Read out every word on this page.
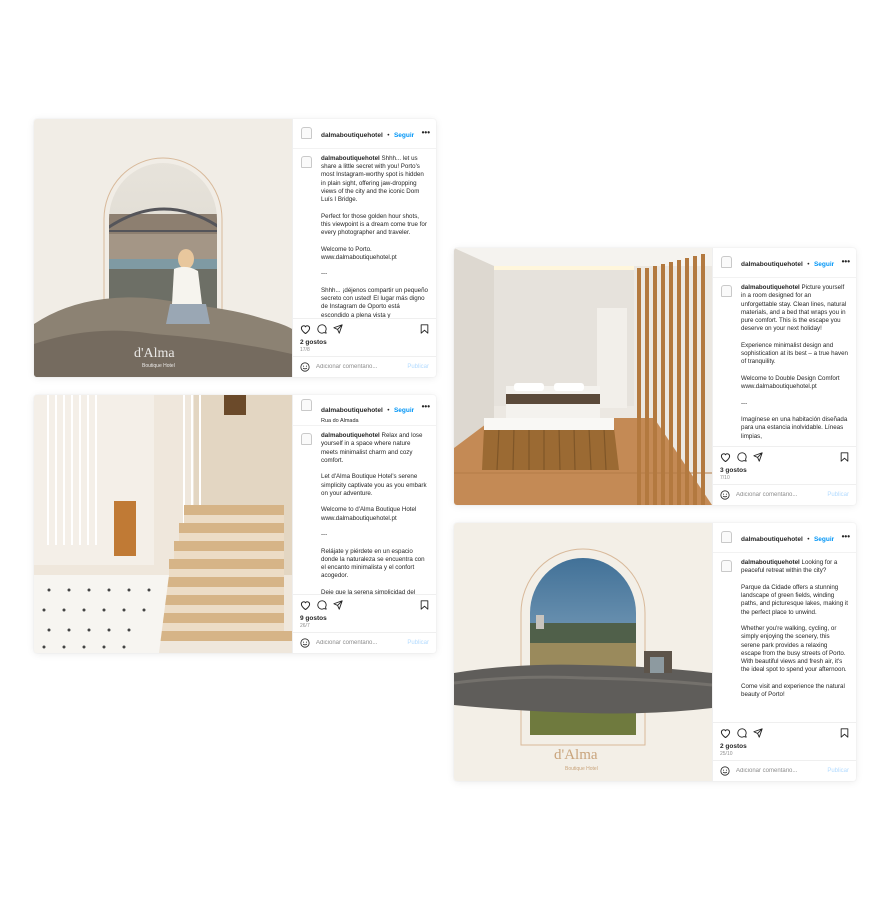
d'Alma
Boutique Hotel
dalmaboutiquehotel • Seguir •••
dalmaboutiquehotel Shhh... let us share a little secret with you! Porto's most Instagram-worthy spot is hidden in plain sight, offering jaw-dropping views of the city and the iconic Dom Luís I Bridge.

Perfect for those golden hour shots, this viewpoint is a dream come true for every photographer and traveler.

Welcome to Porto.
www.dalmaboutiquehotel.pt

---

Shhh... ¡déjenos compartir un pequeño secreto con usted! El lugar más digno de Instagram de Oporto está escondido a plena vista y
2 gostos
17/8
Adicionar comentário...
Publicar
dalmaboutiquehotel • Seguir
Rua do Almada
•••
dalmaboutiquehotel Relax and lose yourself in a space where nature meets minimalist charm and cozy comfort.

Let d'Alma Boutique Hotel's serene simplicity captivate you as you embark on your adventure.

Welcome to d'Alma Boutique Hotel
www.dalmaboutiquehotel.pt

---

Relájate y piérdete en un espacio donde la naturaleza se encuentra con el encanto minimalista y el confort acogedor.

Deje que la serena simplicidad del
9 gostos
26/7
Adicionar comentário...
Publicar
dalmaboutiquehotel • Seguir •••
dalmaboutiquehotel Picture yourself in a room designed for an unforgettable stay. Clean lines, natural materials, and a bed that wraps you in pure comfort. This is the escape you deserve on your next holiday!

Experience minimalist design and sophistication at its best – a true haven of tranquility.

Welcome to Double Design Comfort
www.dalmaboutiquehotel.pt

---

Imagínese en una habitación diseñada para una estancia inolvidable. Líneas limpias,
3 gostos
7/10
Adicionar comentário...
Publicar
d'Alma
Boutique Hotel
dalmaboutiquehotel • Seguir •••
dalmaboutiquehotel Looking for a peaceful retreat within the city?

Parque da Cidade offers a stunning landscape of green fields, winding paths, and picturesque lakes, making it the perfect place to unwind.

Whether you're walking, cycling, or simply enjoying the scenery, this serene park provides a relaxing escape from the busy streets of Porto. With beautiful views and fresh air, it's the ideal spot to spend your afternoon.

Come visit and experience the natural beauty of Porto!
2 gostos
25/10
Adicionar comentário...
Publicar
